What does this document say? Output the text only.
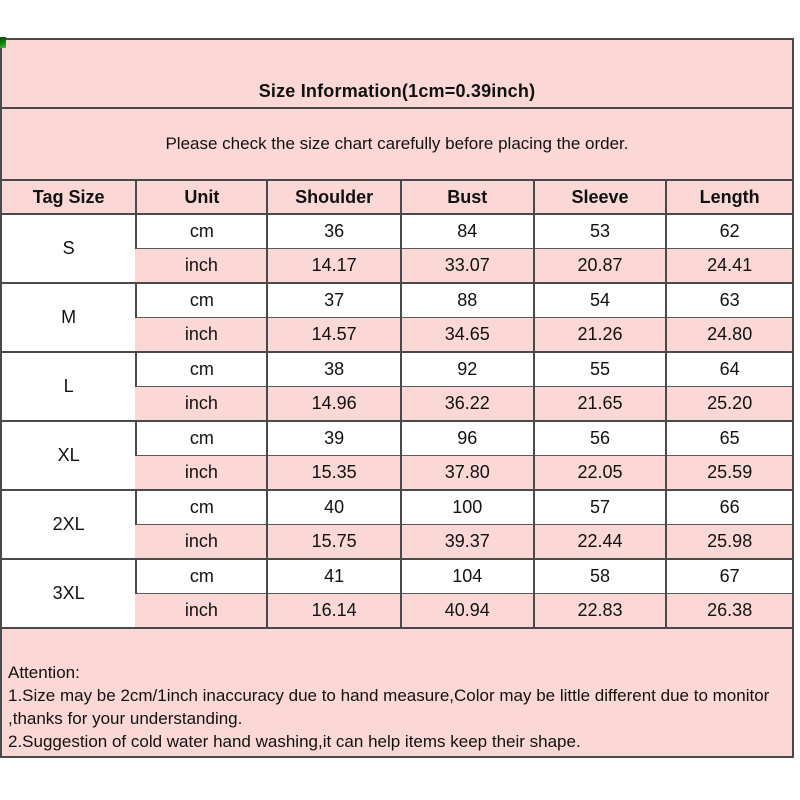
Size Information(1cm=0.39inch)
Please check the size chart carefully before placing the order.
Tag Size	Unit	Shoulder	Bust	Sleeve	Length
S	cm	36	84	53	62
	inch	14.17	33.07	20.87	24.41
M	cm	37	88	54	63
	inch	14.57	34.65	21.26	24.80
L	cm	38	92	55	64
	inch	14.96	36.22	21.65	25.20
XL	cm	39	96	56	65
	inch	15.35	37.80	22.05	25.59
2XL	cm	40	100	57	66
	inch	15.75	39.37	22.44	25.98
3XL	cm	41	104	58	67
	inch	16.14	40.94	22.83	26.38
Attention:
1.Size may be 2cm/1inch inaccuracy due to hand measure,Color may be little different due to monitor ,thanks for your understanding.
2.Suggestion of cold water hand washing,it can help items keep their shape.
